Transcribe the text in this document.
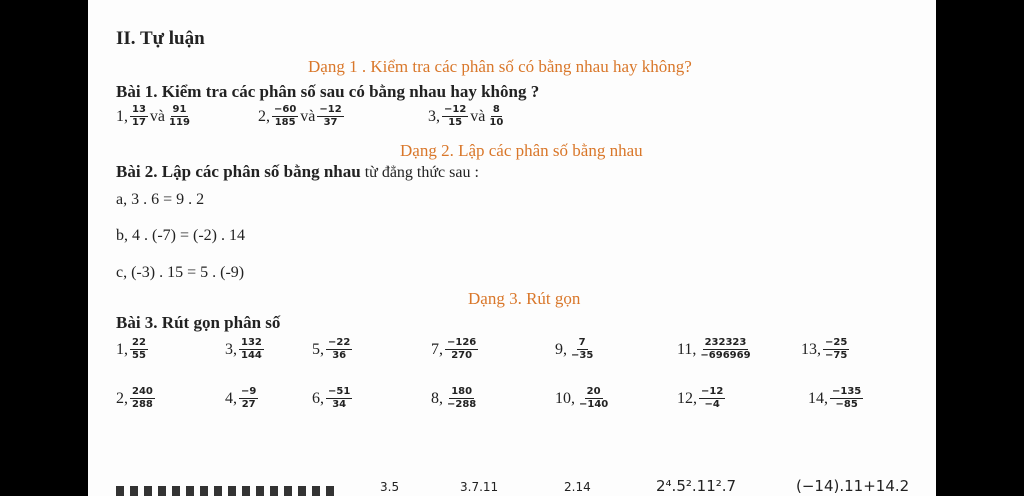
II. Tự luận
Dạng 1 . Kiểm tra các phân số có bằng nhau hay không?
Bài 1. Kiểm tra các phân số sau có bằng nhau hay không ?
1, $\frac{13}{17}$ và $\frac{91}{119}$	2, $\frac{-60}{185}$ và $\frac{-12}{37}$	3, $\frac{-12}{15}$ và $\frac{8}{10}$
Dạng 2. Lập các phân số bằng nhau
Bài 2. Lập các phân số bằng nhau từ đẳng thức sau :
a, 3 . 6 = 9 . 2
b, 4 . (-7) = (-2) . 14
c, (-3) . 15 = 5 . (-9)
Dạng 3. Rút gọn
Bài 3. Rút gọn phân số
1, $\frac{22}{55}$	3, $\frac{132}{144}$	5, $\frac{-22}{36}$	7, $\frac{-126}{270}$	9, $\frac{7}{-35}$	11, $\frac{232323}{-696969}$	13, $\frac{-25}{-75}$
2, $\frac{240}{288}$	4, $\frac{-9}{27}$	6, $\frac{-51}{34}$	8, $\frac{180}{-288}$	10, $\frac{20}{-140}$	12, $\frac{-12}{-4}$	14, $\frac{-135}{-85}$
3.5	3.7.11	2.14	2⁴.5².11².7	(−14).11+14.2
